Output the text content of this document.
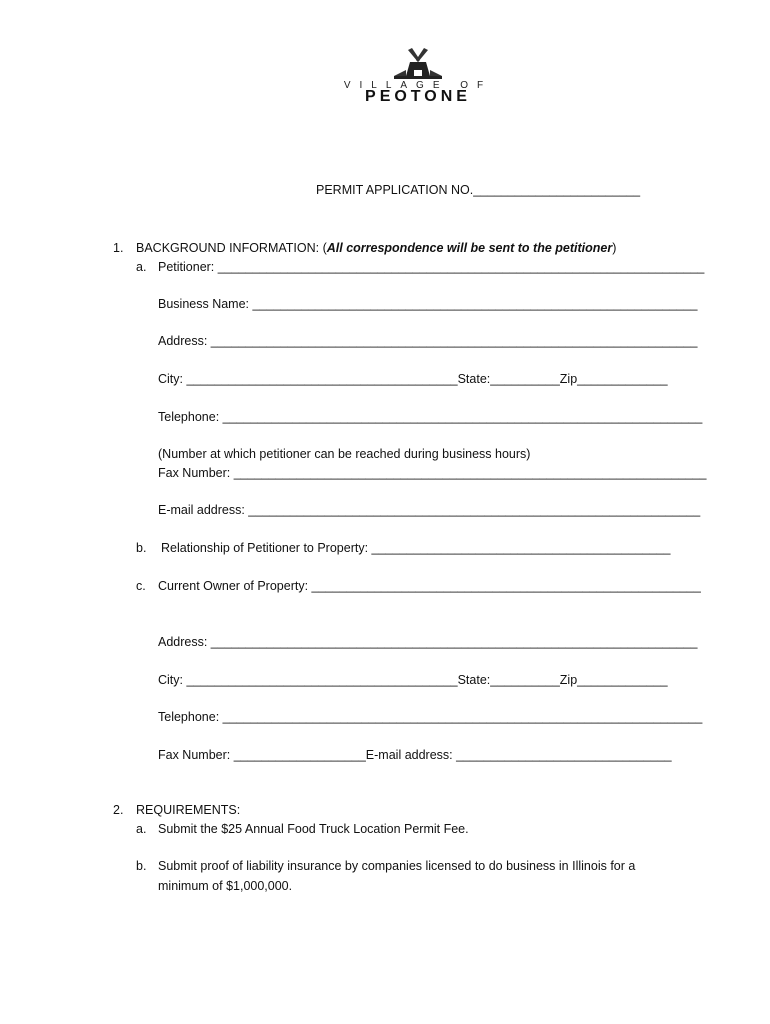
VILLAGE OF
PEOTONE
PERMIT APPLICATION NO.________________________
1. BACKGROUND INFORMATION: (All correspondence will be sent to the petitioner)
a. Petitioner: ______________________________________________________________________
Business Name: ________________________________________________________________
Address: ______________________________________________________________________
City: _______________________________________State:__________Zip_____________
Telephone: _____________________________________________________________________
(Number at which petitioner can be reached during business hours)
Fax Number: ____________________________________________________________________
E-mail address: _________________________________________________________________
b. Relationship of Petitioner to Property: ___________________________________________
c. Current Owner of Property: ________________________________________________________
Address: ______________________________________________________________________
City: _______________________________________State:__________Zip_____________
Telephone: _____________________________________________________________________
Fax Number: ___________________E-mail address: _______________________________
2. REQUIREMENTS:
a. Submit the $25 Annual Food Truck Location Permit Fee.
b. Submit proof of liability insurance by companies licensed to do business in Illinois for a
minimum of $1,000,000.
